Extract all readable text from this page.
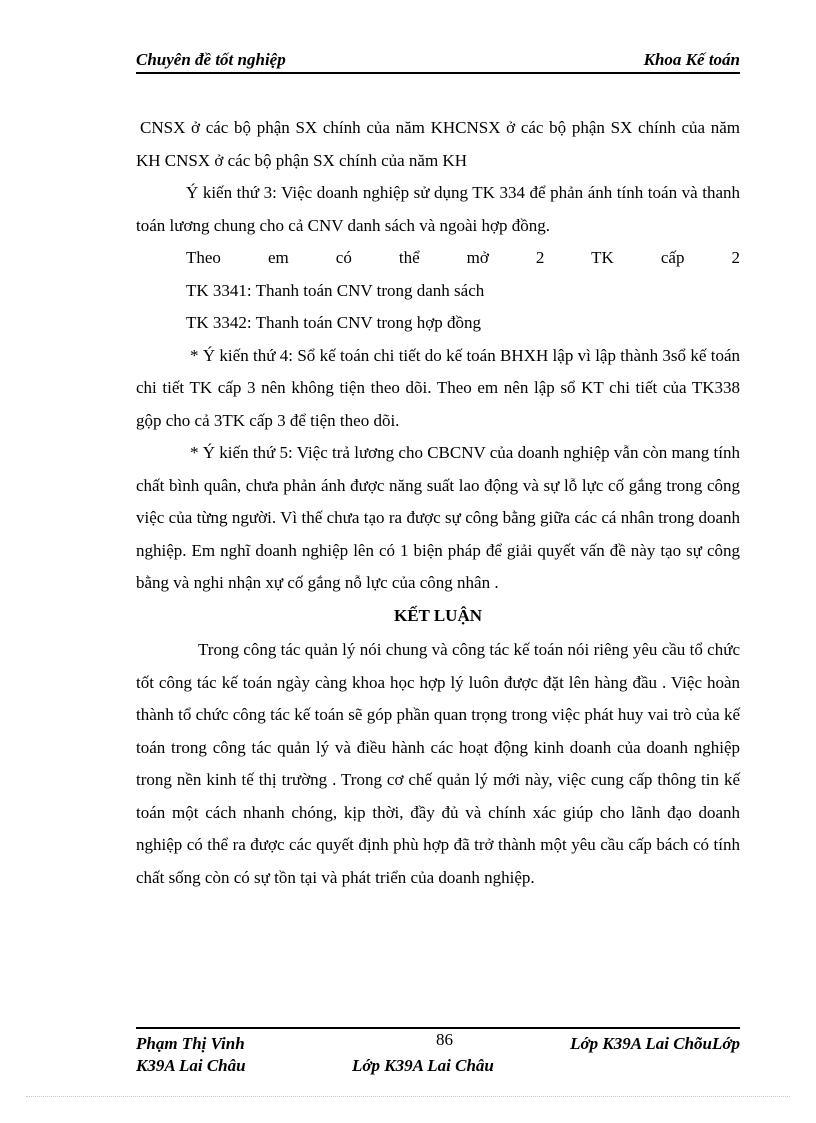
Chuyên đề tốt nghiệp	Khoa Kế toán

CNSX ở các bộ phận SX chính của năm KHCNSX ở các bộ phận SX chính của năm KH CNSX ở các bộ phận SX chính của năm KH

Ý kiến thứ 3: Việc doanh nghiệp sử dụng TK 334 để phản ánh tính toán và thanh toán lương chung cho cả CNV danh sách và ngoài hợp đồng.

Theo em có thể mở 2 TK cấp 2

TK 3341: Thanh toán CNV trong danh sách

TK 3342: Thanh toán CNV trong hợp đồng

* Ý kiến thứ 4: Sổ kế toán chi tiết do kế toán BHXH lập vì lập thành 3sổ kế toán chi tiết TK cấp 3 nên không tiện theo dõi. Theo em nên lập sổ KT chi tiết của TK338 gộp cho cả 3TK cấp 3 để tiện theo dõi.

* Ý kiến thứ 5: Việc trả lương cho CBCNV của doanh nghiệp vẫn còn mang tính chất bình quân, chưa phản ánh được năng suất lao động và sự lỗ lực cố gắng trong công việc của từng người. Vì thế chưa tạo ra được sự công bằng giữa các cá nhân trong doanh nghiệp. Em nghĩ doanh nghiệp lên có 1 biện pháp để giải quyết vấn đề này tạo sự công bằng và nghi nhận xự cố gắng nỗ lực của công nhân .

KẾT LUẬN

Trong công tác quản lý nói chung và công tác kế toán nói riêng yêu cầu tổ chức tốt công tác kế toán ngày càng khoa học hợp lý luôn được đặt lên hàng đầu . Việc hoàn thành tổ chức công tác kế toán sẽ góp phần quan trọng trong việc phát huy vai trò của kế toán trong công tác quản lý và điều hành các hoạt động kinh doanh của doanh nghiệp trong nền kinh tế thị trường . Trong cơ chế quản lý mới này, việc cung cấp thông tin kế toán một cách nhanh chóng, kịp thời, đầy đủ và chính xác giúp cho lãnh đạo doanh nghiệp có thể ra được các quyết định phù hợp đã trở thành một yêu cầu cấp bách có tính chất sống còn có sự tồn tại và phát triển của doanh nghiệp.

Phạm Thị Vinh	86	Lớp K39A Lai ChõuLớp
K39A Lai Châu	Lớp K39A Lai Châu
